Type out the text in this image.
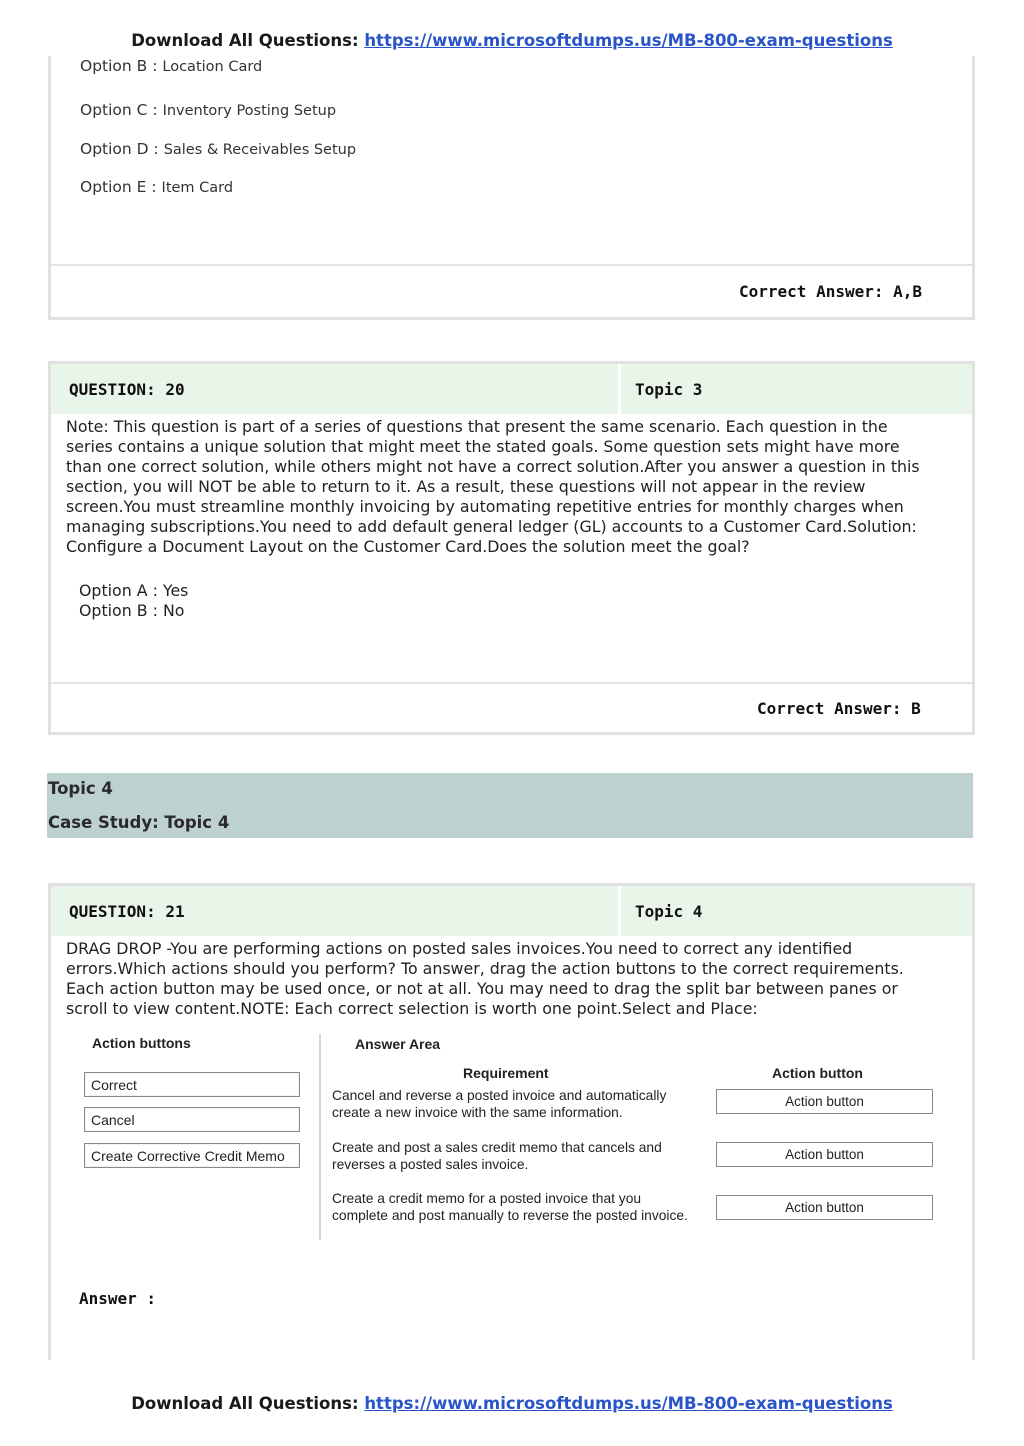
Download All Questions: https://www.microsoftdumps.us/MB-800-exam-questions
Option B : Location Card
Option C : Inventory Posting Setup
Option D : Sales & Receivables Setup
Option E : Item Card
Correct Answer: A,B
QUESTION: 20	Topic 3
Note: This question is part of a series of questions that present the same scenario. Each question in the series contains a unique solution that might meet the stated goals. Some question sets might have more than one correct solution, while others might not have a correct solution.After you answer a question in this section, you will NOT be able to return to it. As a result, these questions will not appear in the review screen.You must streamline monthly invoicing by automating repetitive entries for monthly charges when managing subscriptions.You need to add default general ledger (GL) accounts to a Customer Card.Solution: Configure a Document Layout on the Customer Card.Does the solution meet the goal?
Option A : Yes
Option B : No
Correct Answer: B
Topic 4
Case Study: Topic 4
QUESTION: 21	Topic 4
DRAG DROP -You are performing actions on posted sales invoices.You need to correct any identified errors.Which actions should you perform? To answer, drag the action buttons to the correct requirements. Each action button may be used once, or not at all. You may need to drag the split bar between panes or scroll to view content.NOTE: Each correct selection is worth one point.Select and Place:
Action buttons
Correct
Cancel
Create Corrective Credit Memo
Answer Area
Requirement	Action button
Cancel and reverse a posted invoice and automatically
create a new invoice with the same information.
Action button
Create and post a sales credit memo that cancels and
reverses a posted sales invoice.
Action button
Create a credit memo for a posted invoice that you
complete and post manually to reverse the posted invoice.
Action button
Answer :
Download All Questions: https://www.microsoftdumps.us/MB-800-exam-questions
